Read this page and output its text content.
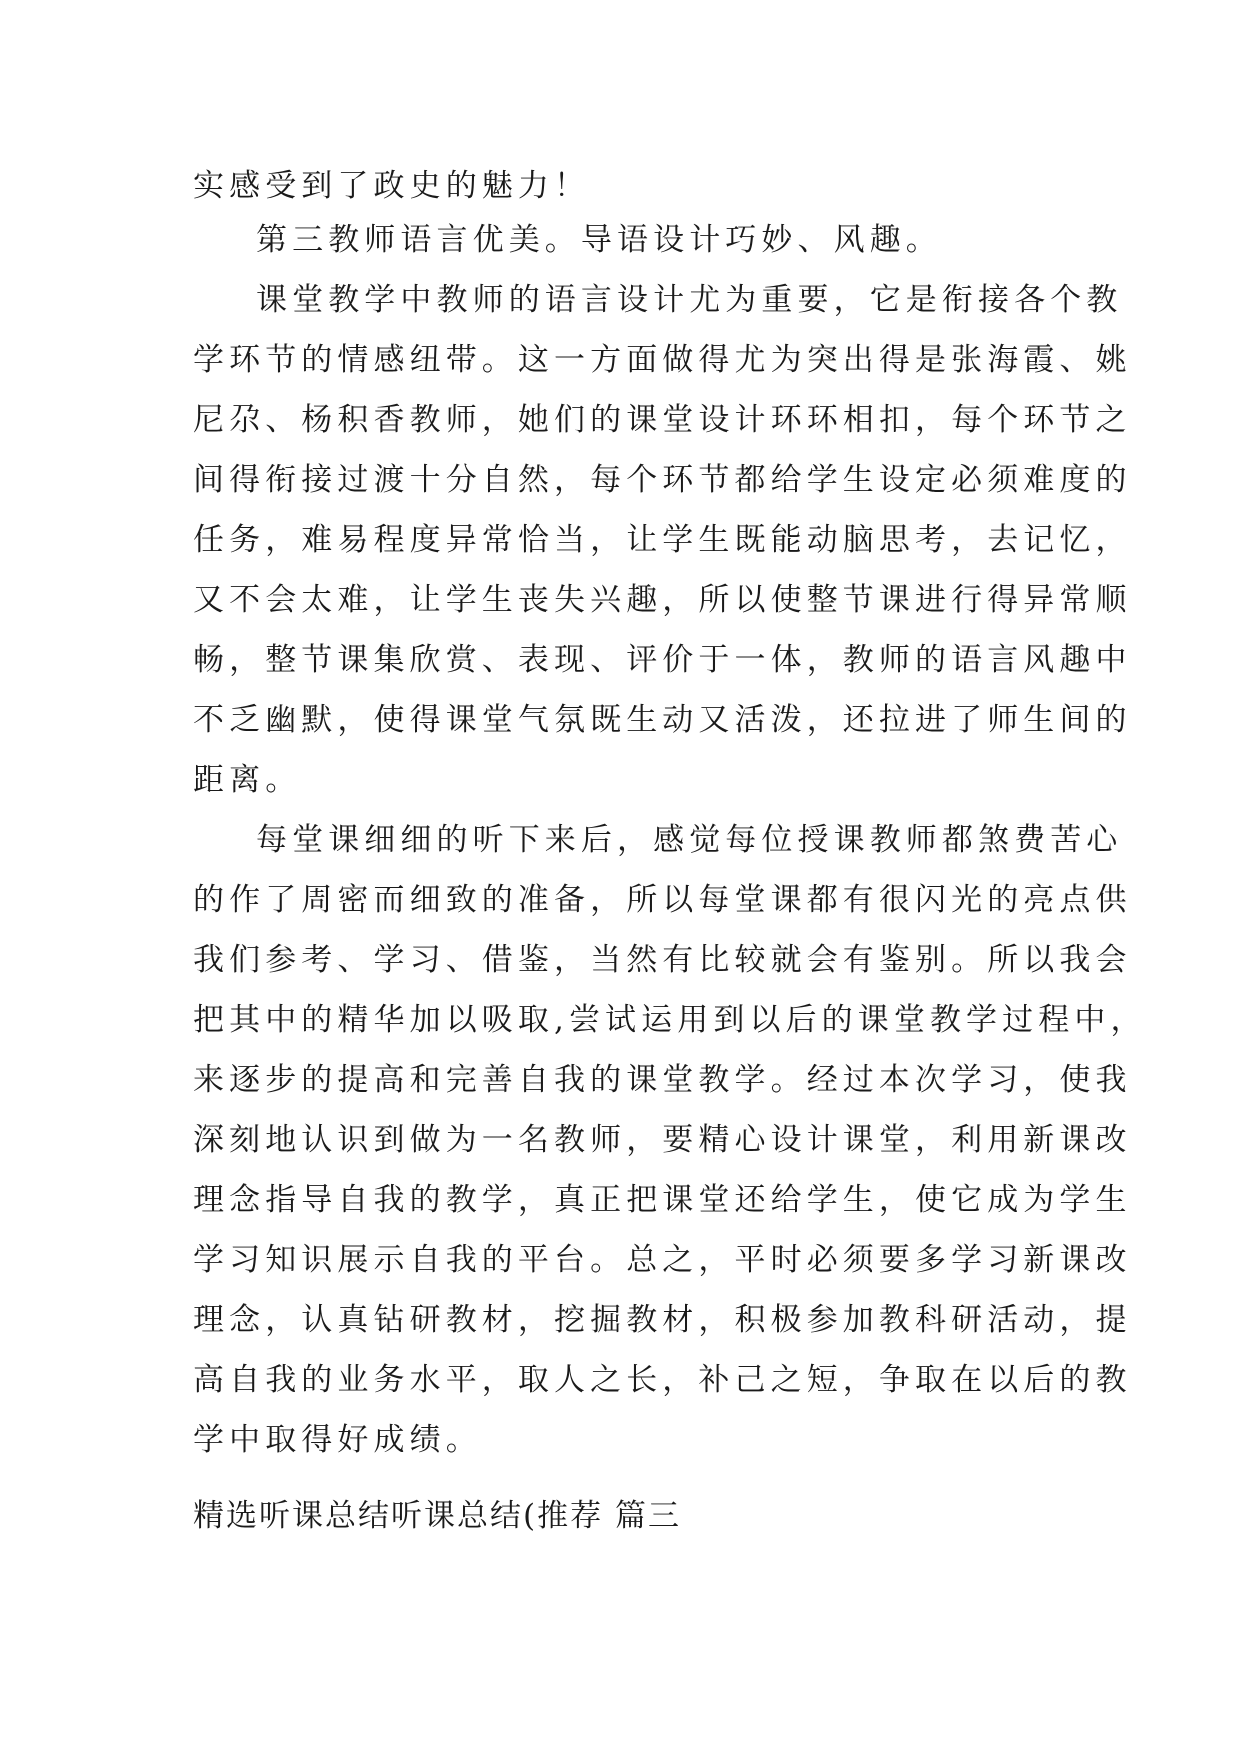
实感受到了政史的魅力！
第三教师语言优美。导语设计巧妙、风趣。
课堂教学中教师的语言设计尤为重要，它是衔接各个教
学环节的情感纽带。这一方面做得尤为突出得是张海霞、姚
尼尕、杨积香教师，她们的课堂设计环环相扣，每个环节之
间得衔接过渡十分自然，每个环节都给学生设定必须难度的
任务，难易程度异常恰当，让学生既能动脑思考，去记忆，
又不会太难，让学生丧失兴趣，所以使整节课进行得异常顺
畅，整节课集欣赏、表现、评价于一体，教师的语言风趣中
不乏幽默，使得课堂气氛既生动又活泼，还拉进了师生间的
距离。
每堂课细细的听下来后，感觉每位授课教师都煞费苦心
的作了周密而细致的准备，所以每堂课都有很闪光的亮点供
我们参考、学习、借鉴，当然有比较就会有鉴别。所以我会
把其中的精华加以吸取,尝试运用到以后的课堂教学过程中，
来逐步的提高和完善自我的课堂教学。经过本次学习，使我
深刻地认识到做为一名教师，要精心设计课堂，利用新课改
理念指导自我的教学，真正把课堂还给学生，使它成为学生
学习知识展示自我的平台。总之，平时必须要多学习新课改
理念，认真钻研教材，挖掘教材，积极参加教科研活动，提
高自我的业务水平，取人之长，补己之短，争取在以后的教
学中取得好成绩。
精选听课总结听课总结(推荐 篇三
